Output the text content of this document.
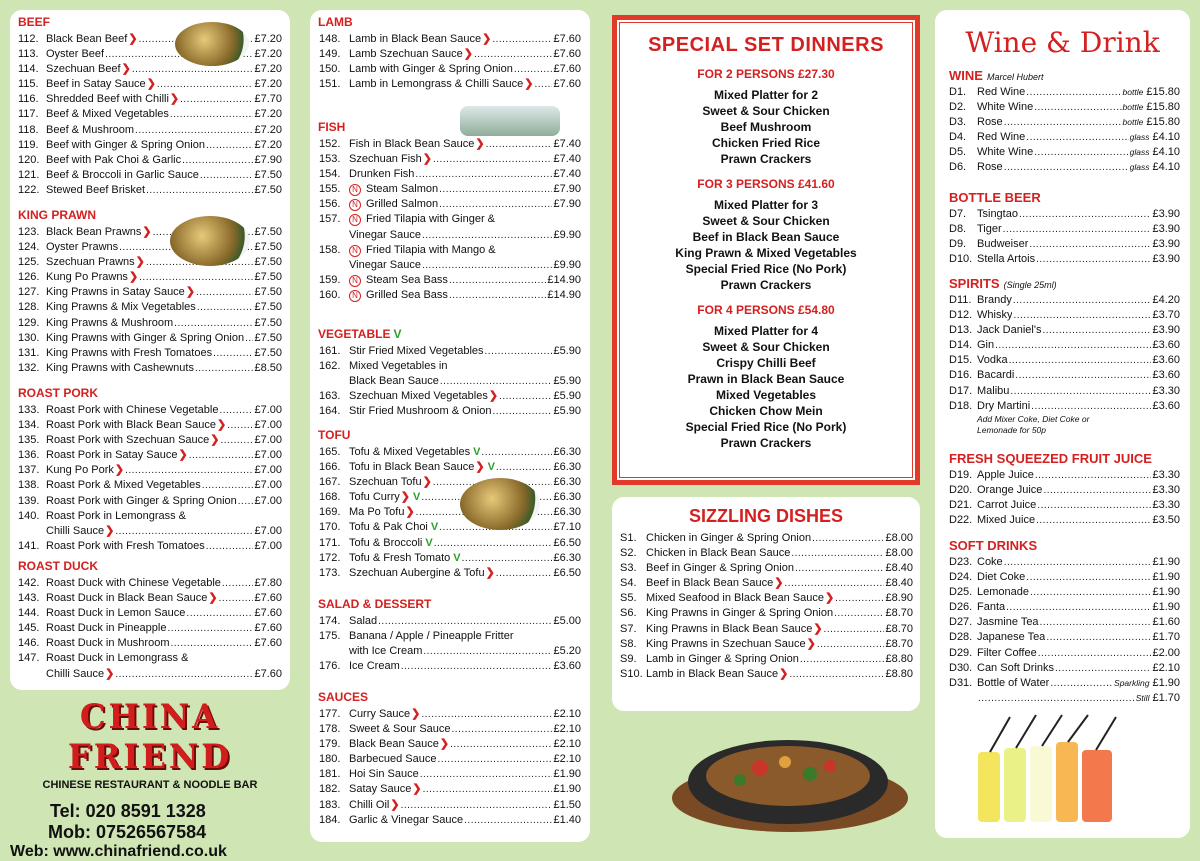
BEEF
112. Black Bean Beef❯ .....	£7.20
113. Oyster Beef .....	£7.20
114. Szechuan Beef❯ .....	£7.20
115. Beef in Satay Sauce❯ .....	£7.20
116. Shredded Beef with Chilli❯ .....	£7.70
117. Beef & Mixed Vegetables .....	£7.20
118. Beef & Mushroom .....	£7.20
119. Beef with Ginger & Spring Onion .....	£7.20
120. Beef with Pak Choi & Garlic .....	£7.90
121. Beef & Broccoli in Garlic Sauce .....	£7.50
122. Stewed Beef Brisket .....	£7.50
KING PRAWN
123. Black Bean Prawns❯ .....	£7.50
124. Oyster Prawns .....	£7.50
125. Szechuan Prawns❯ .....	£7.50
126. Kung Po Prawns❯ .....	£7.50
127. King Prawns in Satay Sauce❯ .....	£7.50
128. King Prawns & Mix Vegetables .....	£7.50
129. King Prawns & Mushroom .....	£7.50
130. King Prawns with Ginger & Spring Onion ..... £7.50
131. King Prawns with Fresh Tomatoes .....	£7.50
132. King Prawns with Cashewnuts .....	£8.50
ROAST PORK
133. Roast Pork with Chinese Vegetable .....	£7.00
134. Roast Pork with Black Bean Sauce❯ .....	£7.00
135. Roast Pork with Szechuan Sauce❯ .....	£7.00
136. Roast Pork in Satay Sauce❯ .....	£7.00
137. Kung Po Pork❯ .....	£7.00
138. Roast Pork & Mixed Vegetables .....	£7.00
139. Roast Pork with Ginger & Spring Onion ..... £7.00
140. Roast Pork in Lemongrass &
Chilli Sauce❯ .....	£7.00
141. Roast Pork with Fresh Tomatoes .....	£7.00
ROAST DUCK
142. Roast Duck with Chinese Vegetable .....	£7.80
143. Roast Duck in Black Bean Sauce❯ .....	£7.60
144. Roast Duck in Lemon Sauce .....	£7.60
145. Roast Duck in Pineapple .....	£7.60
146. Roast Duck in Mushroom .....	£7.60
147. Roast Duck in Lemongrass &
Chilli Sauce❯ .....	£7.60
CHINA FRIEND
CHINESE RESTAURANT & NOODLE BAR
Tel: 020 8591 1328
Mob: 07526567584
Web: www.chinafriend.co.uk
LAMB
148. Lamb in Black Bean Sauce❯ .....	£7.60
149. Lamb Szechuan Sauce❯ .....	£7.60
150. Lamb with Ginger & Spring Onion .....	£7.60
151. Lamb in Lemongrass & Chilli Sauce❯ ..... £7.60
FISH
152. Fish in Black Bean Sauce❯ .....	£7.40
153. Szechuan Fish❯ .....	£7.40
154. Drunken Fish .....	£7.40
155.	N Steam Salmon .....	£7.90
156.	N Grilled Salmon .....	£7.90
157.	N Fried Tilapia with Ginger &
Vinegar Sauce .....	£9.90
158.	N Fried Tilapia with Mango &
Vinegar Sauce .....	£9.90
159.	N Steam Sea Bass .....	£14.90
160.	N Grilled Sea Bass .....	£14.90
VEGETABLE V
161. Stir Fried Mixed Vegetables .....	£5.90
162. Mixed Vegetables in
Black Bean Sauce .....	£5.90
163. Szechuan Mixed Vegetables❯ .....	£5.90
164. Stir Fried Mushroom & Onion .....	£5.90
TOFU
165. Tofu & Mixed Vegetables V .....	£6.30
166. Tofu in Black Bean Sauce❯ V .....	£6.30
167. Szechuan Tofu❯ .....	£6.30
168. Tofu Curry❯ V .....	£6.30
169. Ma Po Tofu❯ .....	£6.30
170. Tofu & Pak Choi V .....	£7.10
171. Tofu & Broccoli V .....	£6.50
172. Tofu & Fresh Tomato V .....	£6.30
173. Szechuan Aubergine & Tofu❯ .....	£6.50
SALAD & DESSERT
174. Salad .....	£5.00
175. Banana / Apple / Pineapple Fritter
with Ice Cream .....	£5.20
176. Ice Cream .....	£3.60
SAUCES
177. Curry Sauce❯ .....	£2.10
178. Sweet & Sour Sauce .....	£2.10
179. Black Bean Sauce❯ .....	£2.10
180. Barbecued Sauce .....	£2.10
181. Hoi Sin Sauce .....	£1.90
182. Satay Sauce❯ .....	£1.90
183. Chilli Oil❯ .....	£1.50
184. Garlic & Vinegar Sauce .....	£1.40
SPECIAL SET DINNERS
FOR 2 PERSONS £27.30
Mixed Platter for 2
Sweet & Sour Chicken
Beef Mushroom
Chicken Fried Rice
Prawn Crackers
FOR 3 PERSONS £41.60
Mixed Platter for 3
Sweet & Sour Chicken
Beef in Black Bean Sauce
King Prawn & Mixed Vegetables
Special Fried Rice (No Pork)
Prawn Crackers
FOR 4 PERSONS £54.80
Mixed Platter for 4
Sweet & Sour Chicken
Crispy Chilli Beef
Prawn in Black Bean Sauce
Mixed Vegetables
Chicken Chow Mein
Special Fried Rice (No Pork)
Prawn Crackers
SIZZLING DISHES
S1. Chicken in Ginger & Spring Onion .....	£8.00
S2. Chicken in Black Bean Sauce .....	£8.00
S3. Beef in Ginger & Spring Onion .....	£8.40
S4. Beef in Black Bean Sauce❯ .....	£8.40
S5. Mixed Seafood in Black Bean Sauce❯ .....	£8.90
S6. King Prawns in Ginger & Spring Onion .....	£8.70
S7. King Prawns in Black Bean Sauce❯ .....	£8.70
S8. King Prawns in Szechuan Sauce❯ .....	£8.70
S9. Lamb in Ginger & Spring Onion .....	£8.80
S10. Lamb in Black Bean Sauce❯ .....	£8.80
Wine & Drink
WINE Marcel Hubert
D1. Red Wine .....	bottle £15.80
D2. White Wine .....	bottle £15.80
D3. Rose .....	bottle £15.80
D4. Red Wine .....	glass £4.10
D5. White Wine .....	glass £4.10
D6. Rose .....	glass £4.10
BOTTLE BEER
D7. Tsingtao .....	£3.90
D8. Tiger .....	£3.90
D9. Budweiser .....	£3.90
D10. Stella Artois .....	£3.90
SPIRITS (Single 25ml)
D11. Brandy .....	£4.20
D12. Whisky .....	£3.70
D13. Jack Daniel's .....	£3.90
D14. Gin .....	£3.60
D15. Vodka .....	£3.60
D16. Bacardi .....	£3.60
D17. Malibu .....	£3.30
D18. Dry Martini .....	£3.60
Add Mixer Coke, Diet Coke or
Lemonade for 50p
FRESH SQUEEZED FRUIT JUICE
D19. Apple Juice .....	£3.30
D20. Orange Juice .....	£3.30
D21. Carrot Juice .....	£3.30
D22. Mixed Juice .....	£3.50
SOFT DRINKS
D23. Coke .....	£1.90
D24. Diet Coke .....	£1.90
D25. Lemonade .....	£1.90
D26. Fanta .....	£1.90
D27. Jasmine Tea .....	£1.60
D28. Japanese Tea .....	£1.70
D29. Filter Coffee .....	£2.00
D30. Can Soft Drinks .....	£2.10
D31. Bottle of Water .....	Sparkling £1.90
.....
Still £1.70
